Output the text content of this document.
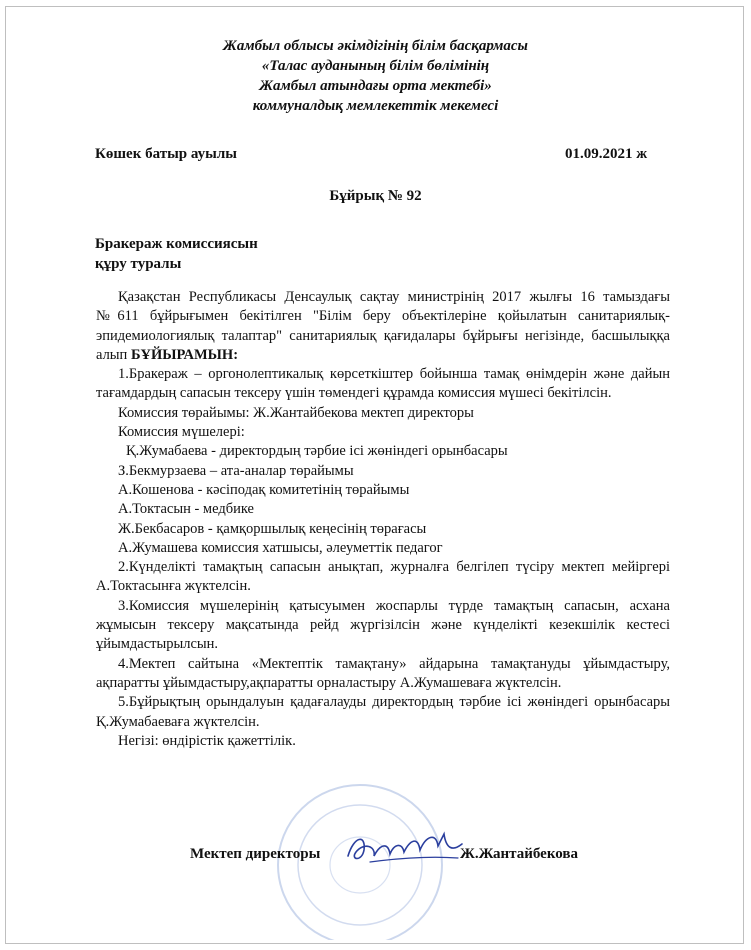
Жамбыл облысы әкімдігінің білім басқармасы
«Талас ауданының білім бөлімінің
Жамбыл атындағы орта мектебі»
коммуналдық мемлекеттік мекемесі
Көшек батыр ауылы	01.09.2021 ж
Бұйрық № 92
Бракераж комиссиясын
құру туралы

Қазақстан Республикасы Денсаулық сақтау министрінің 2017 жылғы 16 тамыздағы №611 бұйрығымен бекітілген "Білім беру объектілеріне қойылатын санитариялық-эпидемиологиялық талаптар" санитариялық қағидалары бұйрығы негізінде, басшылыққа алып БҰЙЫРАМЫН:

1.Бракераж – оргонолептикалық көрсеткіштер бойынша тамақ өнімдерін және дайын тағамдардың сапасын тексеру үшін төмендегі құрамда комиссия мүшесі бекітілсін.

Комиссия төрайымы: Ж.Жантайбекова мектеп директоры

Комиссия мүшелері:

Қ.Жумабаева - директордың тәрбие ісі жөніндегі орынбасары

З.Бекмурзаева – ата-аналар төрайымы

А.Кошенова - кәсіподақ комитетінің төрайымы

А.Токтасын - медбике

Ж.Бекбасаров - қамқоршылық кеңесінің төрағасы

А.Жумашева комиссия хатшысы, әлеуметтік педагог

2.Күнделікті тамақтың сапасын анықтап, журналға белгілеп түсіру мектеп мейіргері А.Токтасынға жүктелсін.

3.Комиссия мүшелерінің қатысуымен жоспарлы түрде тамақтың сапасын, асхана жұмысын тексеру мақсатында рейд жүргізілсін және күнделікті кезекшілік кестесі ұйымдастырылсын.

4.Мектеп сайтына «Мектептік тамақтану» айдарына тамақтануды ұйымдастыру, ақпаратты ұйымдастыру,ақпаратты орналастыру А.Жумашеваға жүктелсін.

5.Бұйрықтың орындалуын қадағалауды директордың тәрбие ісі жөніндегі орынбасары Қ.Жумабаеваға жүктелсін.

Негізі: өндірістік қажеттілік.

Мектеп директоры	Ж.Жантайбекова
